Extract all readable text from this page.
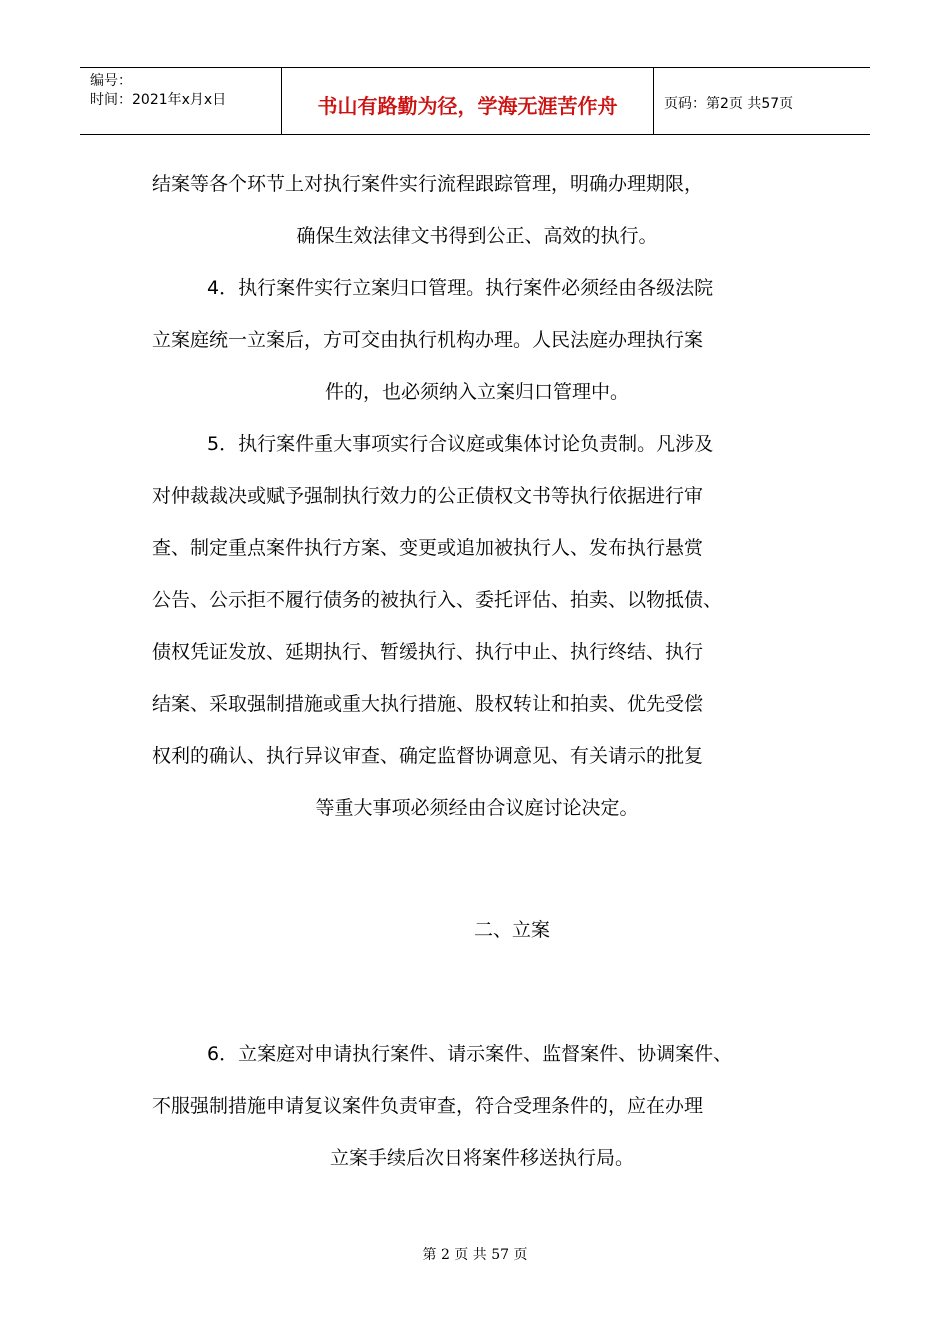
编号：
时间：2021年x月x日	书山有路勤为径，学海无涯苦作舟	页码：第2页 共57页
结案等各个环节上对执行案件实行流程跟踪管理，明确办理期限，
确保生效法律文书得到公正、高效的执行。
4．执行案件实行立案归口管理。执行案件必须经由各级法院
立案庭统一立案后，方可交由执行机构办理。人民法庭办理执行案
件的，也必须纳入立案归口管理中。
5．执行案件重大事项实行合议庭或集体讨论负责制。凡涉及
对仲裁裁决或赋予强制执行效力的公正债权文书等执行依据进行审
查、制定重点案件执行方案、变更或追加被执行人、发布执行悬赏
公告、公示拒不履行债务的被执行入、委托评估、拍卖、以物抵债、
债权凭证发放、延期执行、暂缓执行、执行中止、执行终结、执行
结案、采取强制措施或重大执行措施、股权转让和拍卖、优先受偿
权利的确认、执行异议审查、确定监督协调意见、有关请示的批复
等重大事项必须经由合议庭讨论决定。
二、立案
6．立案庭对申请执行案件、请示案件、监督案件、协调案件、
不服强制措施申请复议案件负责审查，符合受理条件的，应在办理
立案手续后次日将案件移送执行局。
第 2 页 共 57 页
